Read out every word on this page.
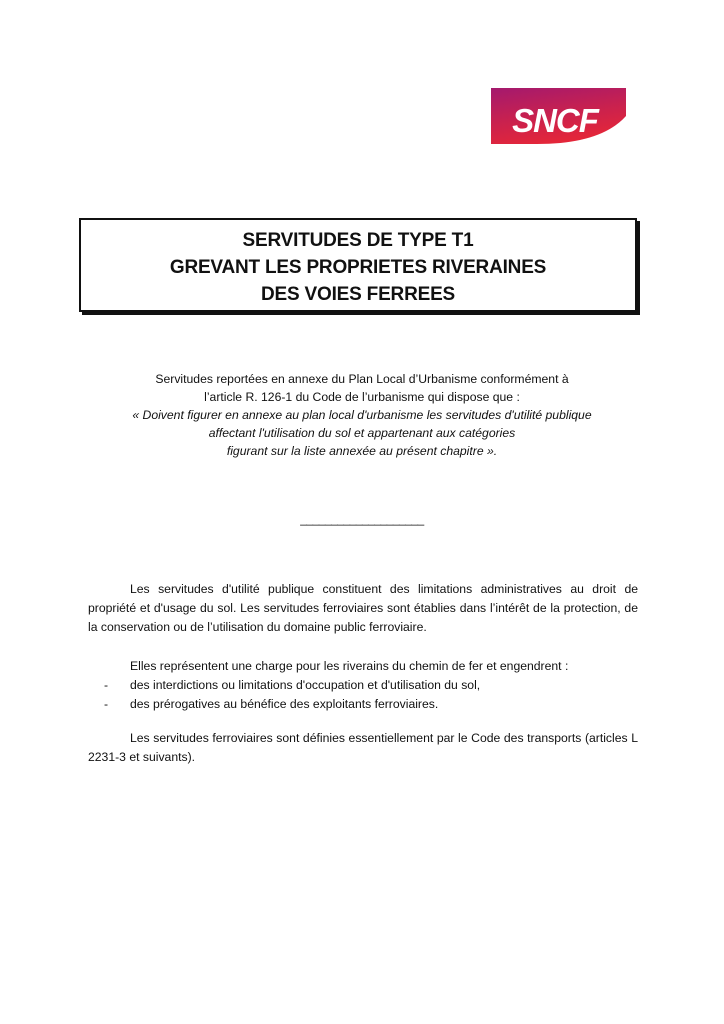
SNCF
SERVITUDES DE TYPE T1
GREVANT LES PROPRIETES RIVERAINES
DES VOIES FERREES
Servitudes reportées en annexe du Plan Local d’Urbanisme conformément à
l’article R. 126-1 du Code de l’urbanisme qui dispose que :
« Doivent figurer en annexe au plan local d'urbanisme les servitudes d'utilité publique
affectant l'utilisation du sol et appartenant aux catégories
figurant sur la liste annexée au présent chapitre ».
____________________

Les servitudes d'utilité publique constituent des limitations administratives au droit de propriété et d'usage du sol. Les servitudes ferroviaires sont établies dans l’intérêt de la protection, de la conservation ou de l’utilisation du domaine public ferroviaire.

Elles représentent une charge pour les riverains du chemin de fer et engendrent :

-	des interdictions ou limitations d'occupation et d'utilisation du sol,
-	des prérogatives au bénéfice des exploitants ferroviaires.

Les servitudes ferroviaires sont définies essentiellement par le Code des transports (articles L 2231-3 et suivants).
